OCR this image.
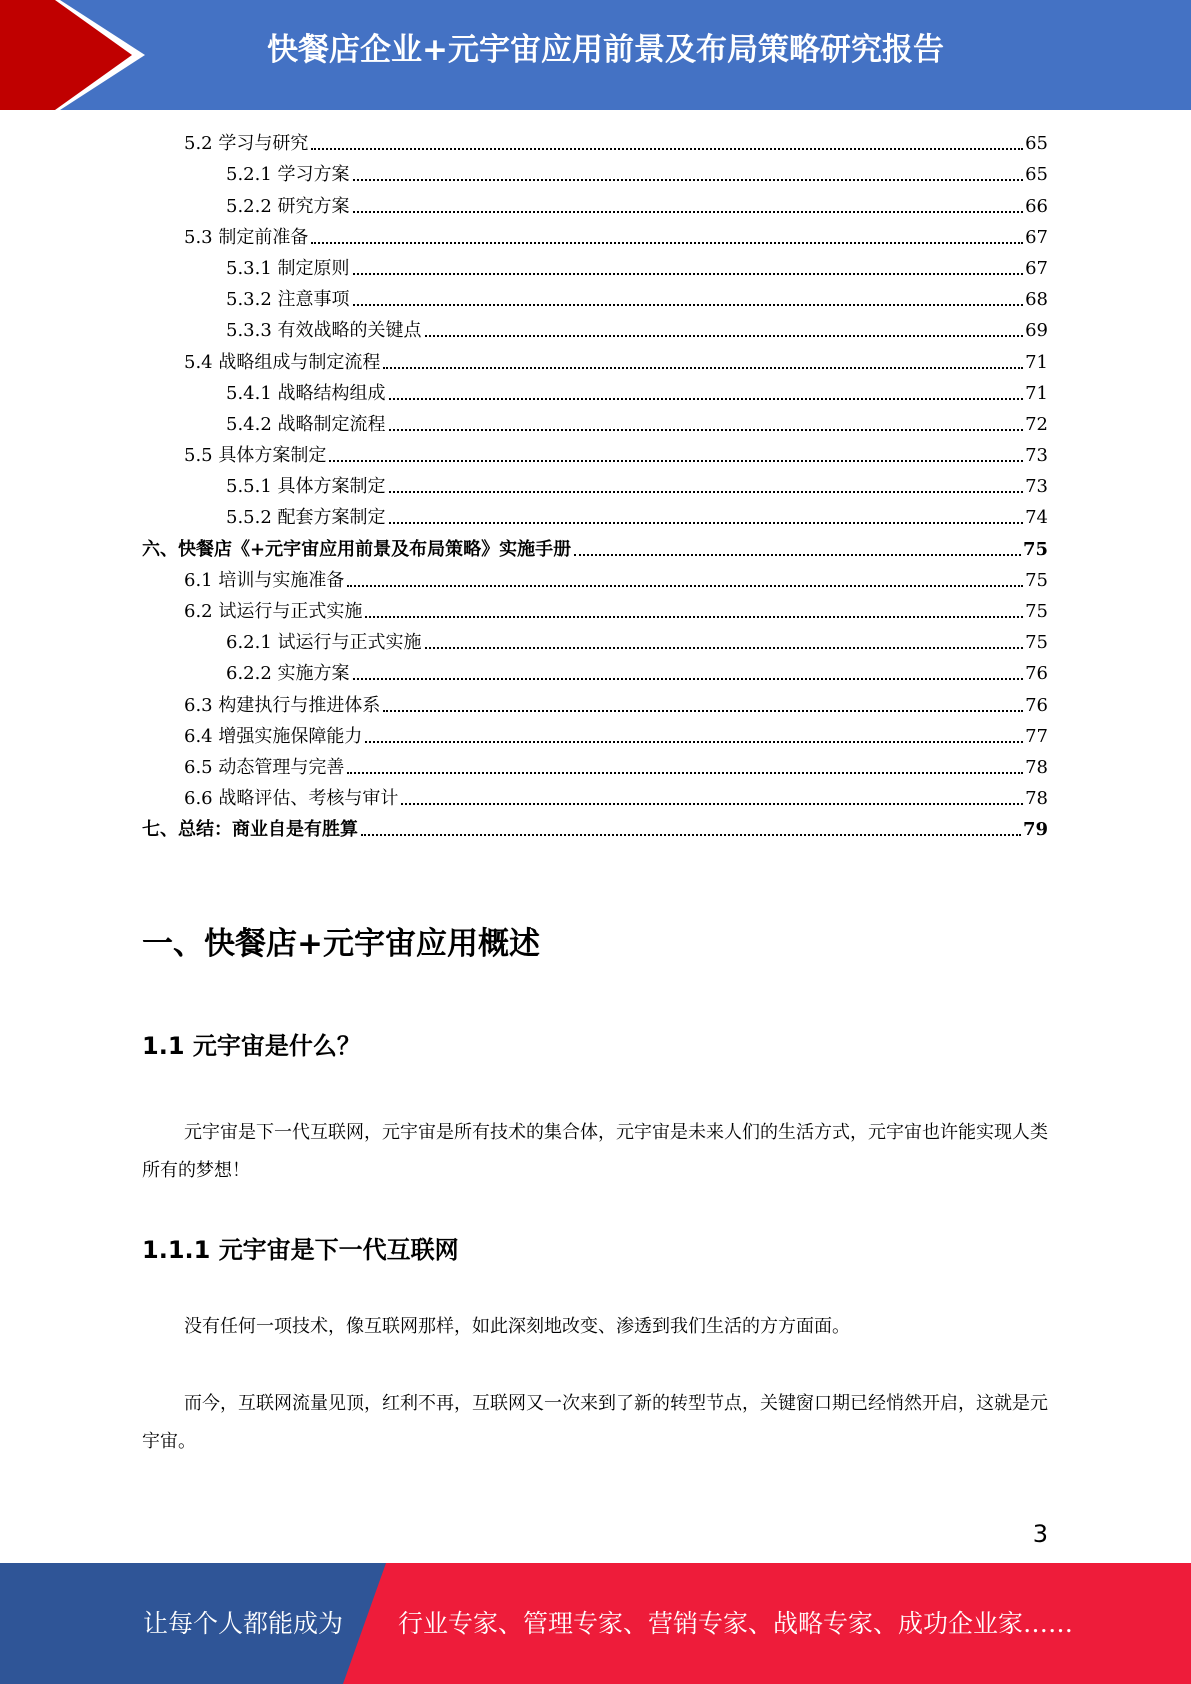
快餐店企业+元宇宙应用前景及布局策略研究报告
5.2 学习与研究	65
5.2.1 学习方案	65
5.2.2 研究方案	66
5.3 制定前准备	67
5.3.1 制定原则	67
5.3.2 注意事项	68
5.3.3 有效战略的关键点	69
5.4 战略组成与制定流程	71
5.4.1 战略结构组成	71
5.4.2 战略制定流程	72
5.5 具体方案制定	73
5.5.1 具体方案制定	73
5.5.2 配套方案制定	74
六、快餐店《+元宇宙应用前景及布局策略》实施手册	75
6.1 培训与实施准备	75
6.2 试运行与正式实施	75
6.2.1 试运行与正式实施	75
6.2.2 实施方案	76
6.3 构建执行与推进体系	76
6.4 增强实施保障能力	77
6.5 动态管理与完善	78
6.6 战略评估、考核与审计	78
七、总结：商业自是有胜算	79
一、快餐店+元宇宙应用概述
1.1 元宇宙是什么？

元宇宙是下一代互联网，元宇宙是所有技术的集合体，元宇宙是未来人们的生活方式，元宇宙也许能实现人类所有的梦想！

1.1.1 元宇宙是下一代互联网

没有任何一项技术，像互联网那样，如此深刻地改变、渗透到我们生活的方方面面。

而今，互联网流量见顶，红利不再，互联网又一次来到了新的转型节点，关键窗口期已经悄然开启，这就是元宇宙。

3
让每个人都能成为 行业专家、管理专家、营销专家、战略专家、成功企业家……
